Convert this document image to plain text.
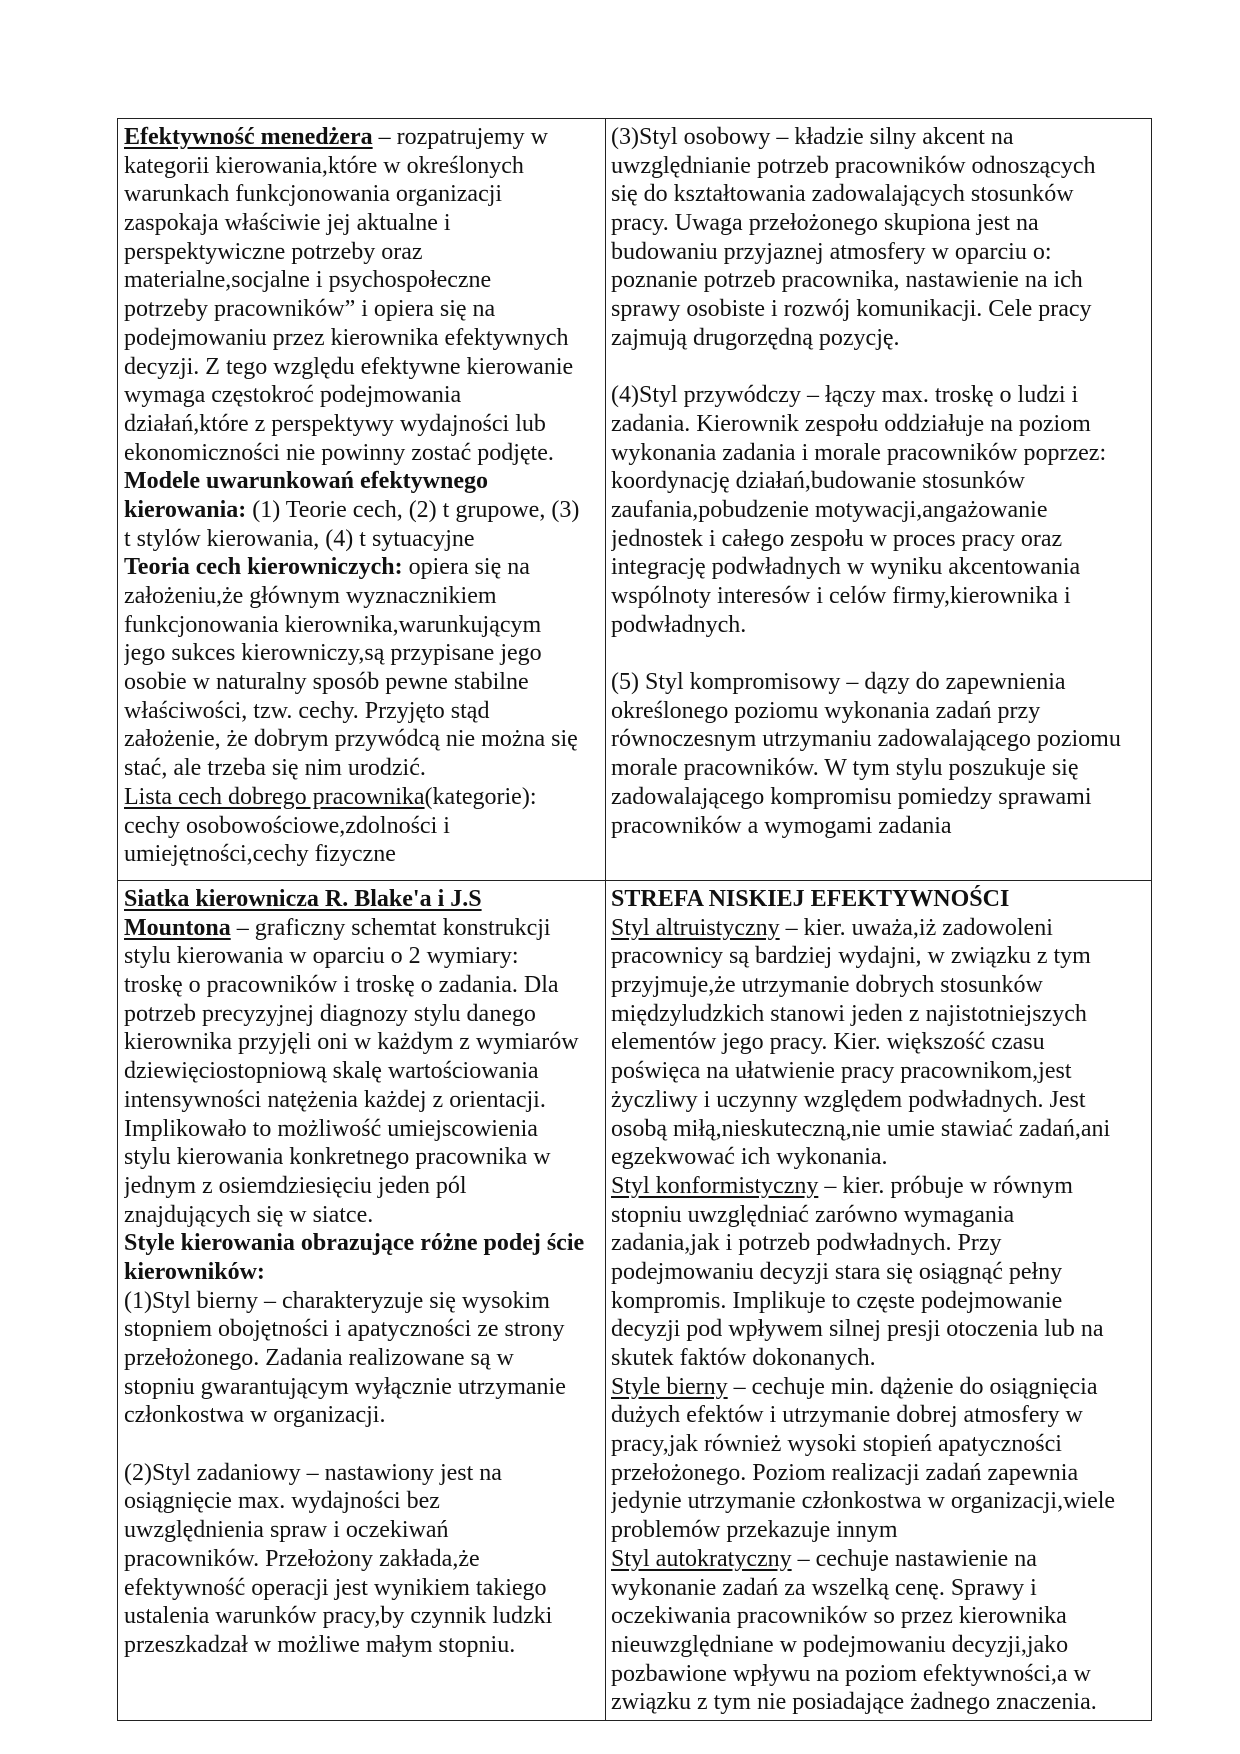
Efektywność menedżera – rozpatrujemy w
kategorii kierowania,które w określonych
warunkach funkcjonowania organizacji
zaspokaja właściwie jej aktualne i
perspektywiczne potrzeby oraz
materialne,socjalne i psychospołeczne
potrzeby pracowników” i opiera się na
podejmowaniu przez kierownika efektywnych
decyzji. Z tego względu efektywne kierowanie
wymaga częstokroć podejmowania
działań,które z perspektywy wydajności lub
ekonomiczności nie powinny zostać podjęte.
Modele uwarunkowań efektywnego
kierowania: (1) Teorie cech, (2) t grupowe, (3)
t stylów kierowania, (4) t sytuacyjne
Teoria cech kierowniczych: opiera się na
założeniu,że głównym wyznacznikiem
funkcjonowania kierownika,warunkującym
jego sukces kierowniczy,są przypisane jego
osobie w naturalny sposób pewne stabilne
właściwości, tzw. cechy. Przyjęto stąd
założenie, że dobrym przywódcą nie można się
stać, ale trzeba się nim urodzić.
Lista cech dobrego pracownika(kategorie):
cechy osobowościowe,zdolności i
umiejętności,cechy fizyczne
(3)Styl osobowy – kładzie silny akcent na
uwzględnianie potrzeb pracowników odnoszących
się do kształtowania zadowalających stosunków
pracy. Uwaga przełożonego skupiona jest na
budowaniu przyjaznej atmosfery w oparciu o:
poznanie potrzeb pracownika, nastawienie na ich
sprawy osobiste i rozwój komunikacji. Cele pracy
zajmują drugorzędną pozycję.
(4)Styl przywódczy – łączy max. troskę o ludzi i
zadania. Kierownik zespołu oddziałuje na poziom
wykonania zadania i morale pracowników poprzez:
koordynację działań,budowanie stosunków
zaufania,pobudzenie motywacji,angażowanie
jednostek i całego zespołu w proces pracy oraz
integrację podwładnych w wyniku akcentowania
wspólnoty interesów i celów firmy,kierownika i
podwładnych.
(5) Styl kompromisowy – dązy do zapewnienia
określonego poziomu wykonania zadań przy
równoczesnym utrzymaniu zadowalającego poziomu
morale pracowników. W tym stylu poszukuje się
zadowalającego kompromisu pomiedzy sprawami
pracowników a wymogami zadania
Siatka kierownicza R. Blake'a i J.S
Mountona – graficzny schemtat konstrukcji
stylu kierowania w oparciu o 2 wymiary:
troskę o pracowników i troskę o zadania. Dla
potrzeb precyzyjnej diagnozy stylu danego
kierownika przyjęli oni w każdym z wymiarów
dziewięciostopniową skalę wartościowania
intensywności natężenia każdej z orientacji.
Implikowało to możliwość umiejscowienia
stylu kierowania konkretnego pracownika w
jednym z osiemdziesięciu jeden pól
znajdujących się w siatce.
Style kierowania obrazujące różne podej ście
kierowników:
(1)Styl bierny – charakteryzuje się wysokim
stopniem obojętności i apatyczności ze strony
przełożonego. Zadania realizowane są w
stopniu gwarantującym wyłącznie utrzymanie
członkostwa w organizacji.
(2)Styl zadaniowy – nastawiony jest na
osiągnięcie max. wydajności bez
uwzględnienia spraw i oczekiwań
pracowników. Przełożony zakłada,że
efektywność operacji jest wynikiem takiego
ustalenia warunków pracy,by czynnik ludzki
przeszkadzał w możliwe małym stopniu.
STREFA NISKIEJ EFEKTYWNOŚCI
Styl altruistyczny – kier. uważa,iż zadowoleni
pracownicy są bardziej wydajni, w związku z tym
przyjmuje,że utrzymanie dobrych stosunków
międzyludzkich stanowi jeden z najistotniejszych
elementów jego pracy. Kier. większość czasu
poświęca na ułatwienie pracy pracownikom,jest
życzliwy i uczynny względem podwładnych. Jest
osobą miłą,nieskuteczną,nie umie stawiać zadań,ani
egzekwować ich wykonania.
Styl konformistyczny – kier. próbuje w równym
stopniu uwzględniać zarówno wymagania
zadania,jak i potrzeb podwładnych. Przy
podejmowaniu decyzji stara się osiągnąć pełny
kompromis. Implikuje to częste podejmowanie
decyzji pod wpływem silnej presji otoczenia lub na
skutek faktów dokonanych.
Style bierny – cechuje min. dążenie do osiągnięcia
dużych efektów i utrzymanie dobrej atmosfery w
pracy,jak również wysoki stopień apatyczności
przełożonego. Poziom realizacji zadań zapewnia
jedynie utrzymanie członkostwa w organizacji,wiele
problemów przekazuje innym
Styl autokratyczny – cechuje nastawienie na
wykonanie zadań za wszelką cenę. Sprawy i
oczekiwania pracowników so przez kierownika
nieuwzględniane w podejmowaniu decyzji,jako
pozbawione wpływu na poziom efektywności,a w
związku z tym nie posiadające żadnego znaczenia.
